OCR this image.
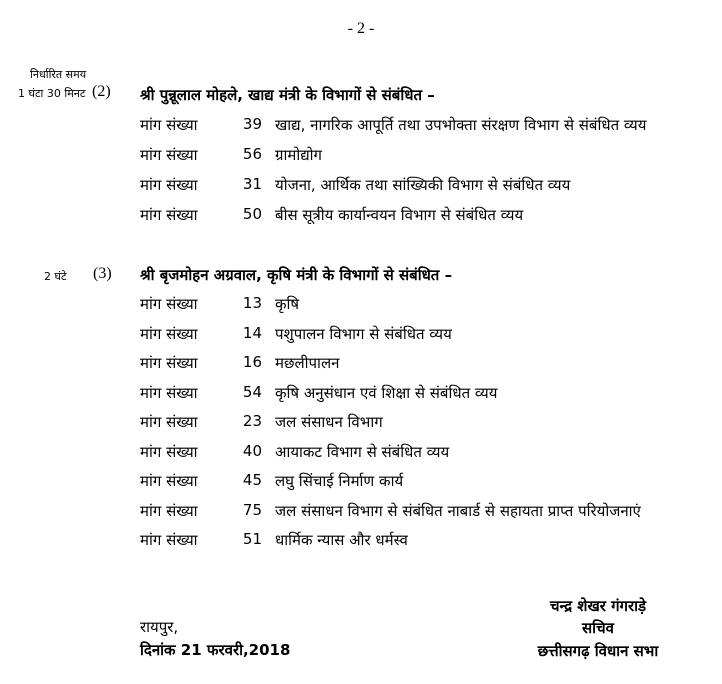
- 2 -
निर्धारित समय
1 घंटा 30 मिनट (2) श्री पुन्नूलाल मोहले, खाद्य मंत्री के विभागों से संबंधित –
मांग संख्या	39 खाद्य, नागरिक आपूर्ति तथा उपभोक्ता संरक्षण विभाग से संबंधित व्यय
मांग संख्या	56 ग्रामोद्योग
मांग संख्या	31 योजना, आर्थिक तथा सांख्यिकी विभाग से संबंधित व्यय
मांग संख्या	50 बीस सूत्रीय कार्यान्वयन विभाग से संबंधित व्यय
2 घंटे (3) श्री बृजमोहन अग्रवाल, कृषि मंत्री के विभागों से संबंधित –
मांग संख्या	13 कृषि
मांग संख्या	14 पशुपालन विभाग से संबंधित व्यय
मांग संख्या	16 मछलीपालन
मांग संख्या	54 कृषि अनुसंधान एवं शिक्षा से संबंधित व्यय
मांग संख्या	23 जल संसाधन विभाग
मांग संख्या	40 आयाकट विभाग से संबंधित व्यय
मांग संख्या	45 लघु सिंचाई निर्माण कार्य
मांग संख्या	75 जल संसाधन विभाग से संबंधित नाबार्ड से सहायता प्राप्त परियोजनाएं
मांग संख्या	51 धार्मिक न्यास और धर्मस्व
रायपुर,
दिनांक 21 फरवरी,2018
चन्द्र शेखर गंगराड़े
सचिव
छत्तीसगढ़ विधान सभा
